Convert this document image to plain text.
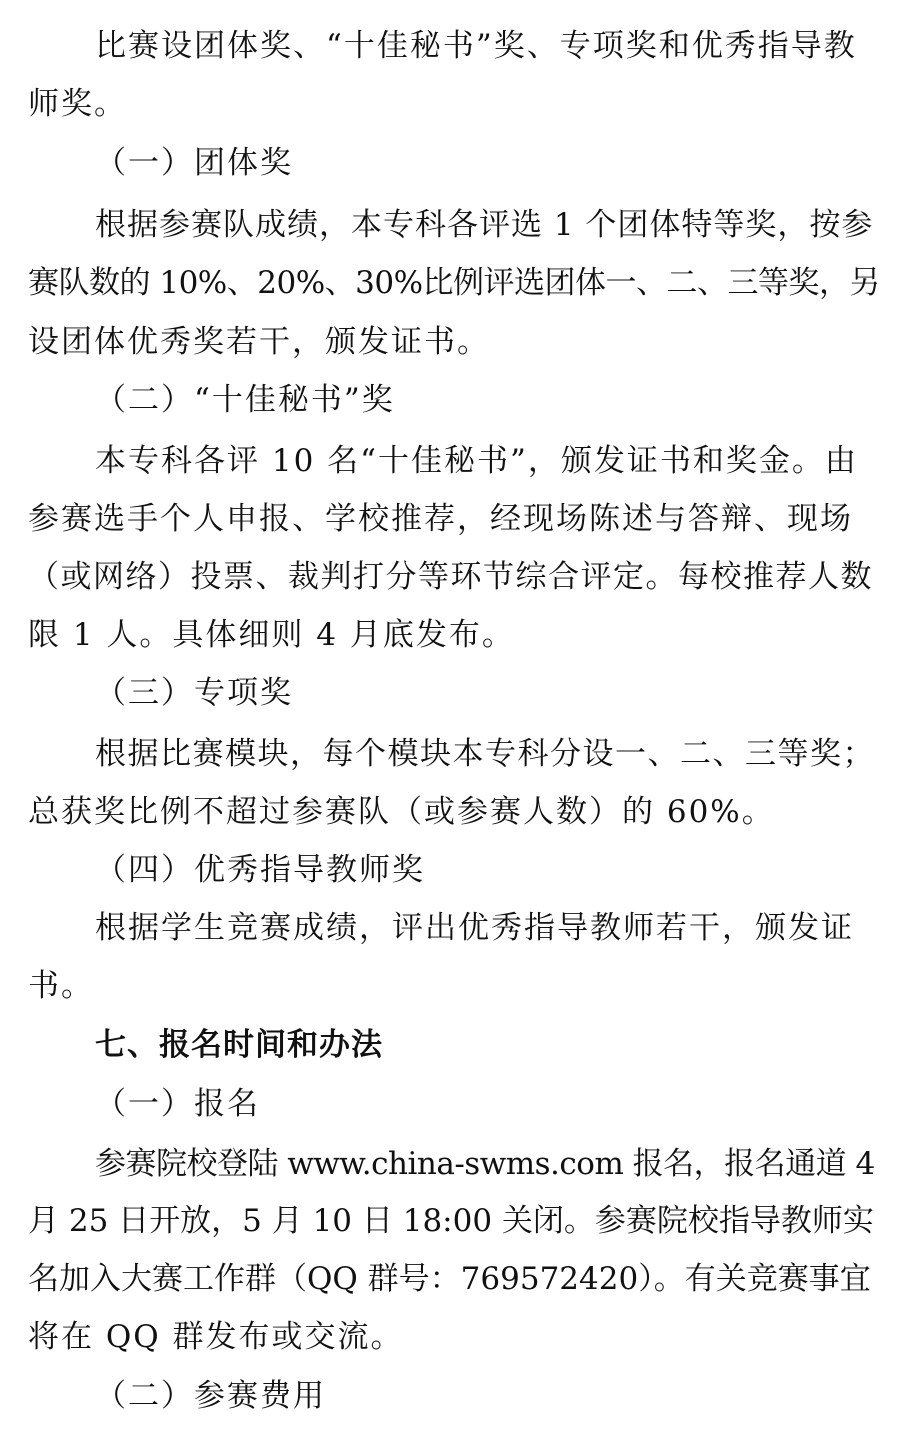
比赛设团体奖、“十佳秘书”奖、专项奖和优秀指导教
师奖。
（一）团体奖
根据参赛队成绩，本专科各评选 1 个团体特等奖，按参
赛队数的 10%、20%、30%比例评选团体一、二、三等奖，另
设团体优秀奖若干，颁发证书。
（二）“十佳秘书”奖
本专科各评 10 名“十佳秘书”，颁发证书和奖金。由
参赛选手个人申报、学校推荐，经现场陈述与答辩、现场
（或网络）投票、裁判打分等环节综合评定。每校推荐人数
限 1 人。具体细则 4 月底发布。
（三）专项奖
根据比赛模块，每个模块本专科分设一、二、三等奖；
总获奖比例不超过参赛队（或参赛人数）的 60%。
（四）优秀指导教师奖
根据学生竞赛成绩，评出优秀指导教师若干，颁发证
书。
七、报名时间和办法
（一）报名
参赛院校登陆 www.china-swms.com 报名，报名通道 4
月 25 日开放，5 月 10 日 18:00 关闭。参赛院校指导教师实
名加入大赛工作群（QQ 群号：769572420）。有关竞赛事宜
将在 QQ 群发布或交流。
（二）参赛费用
